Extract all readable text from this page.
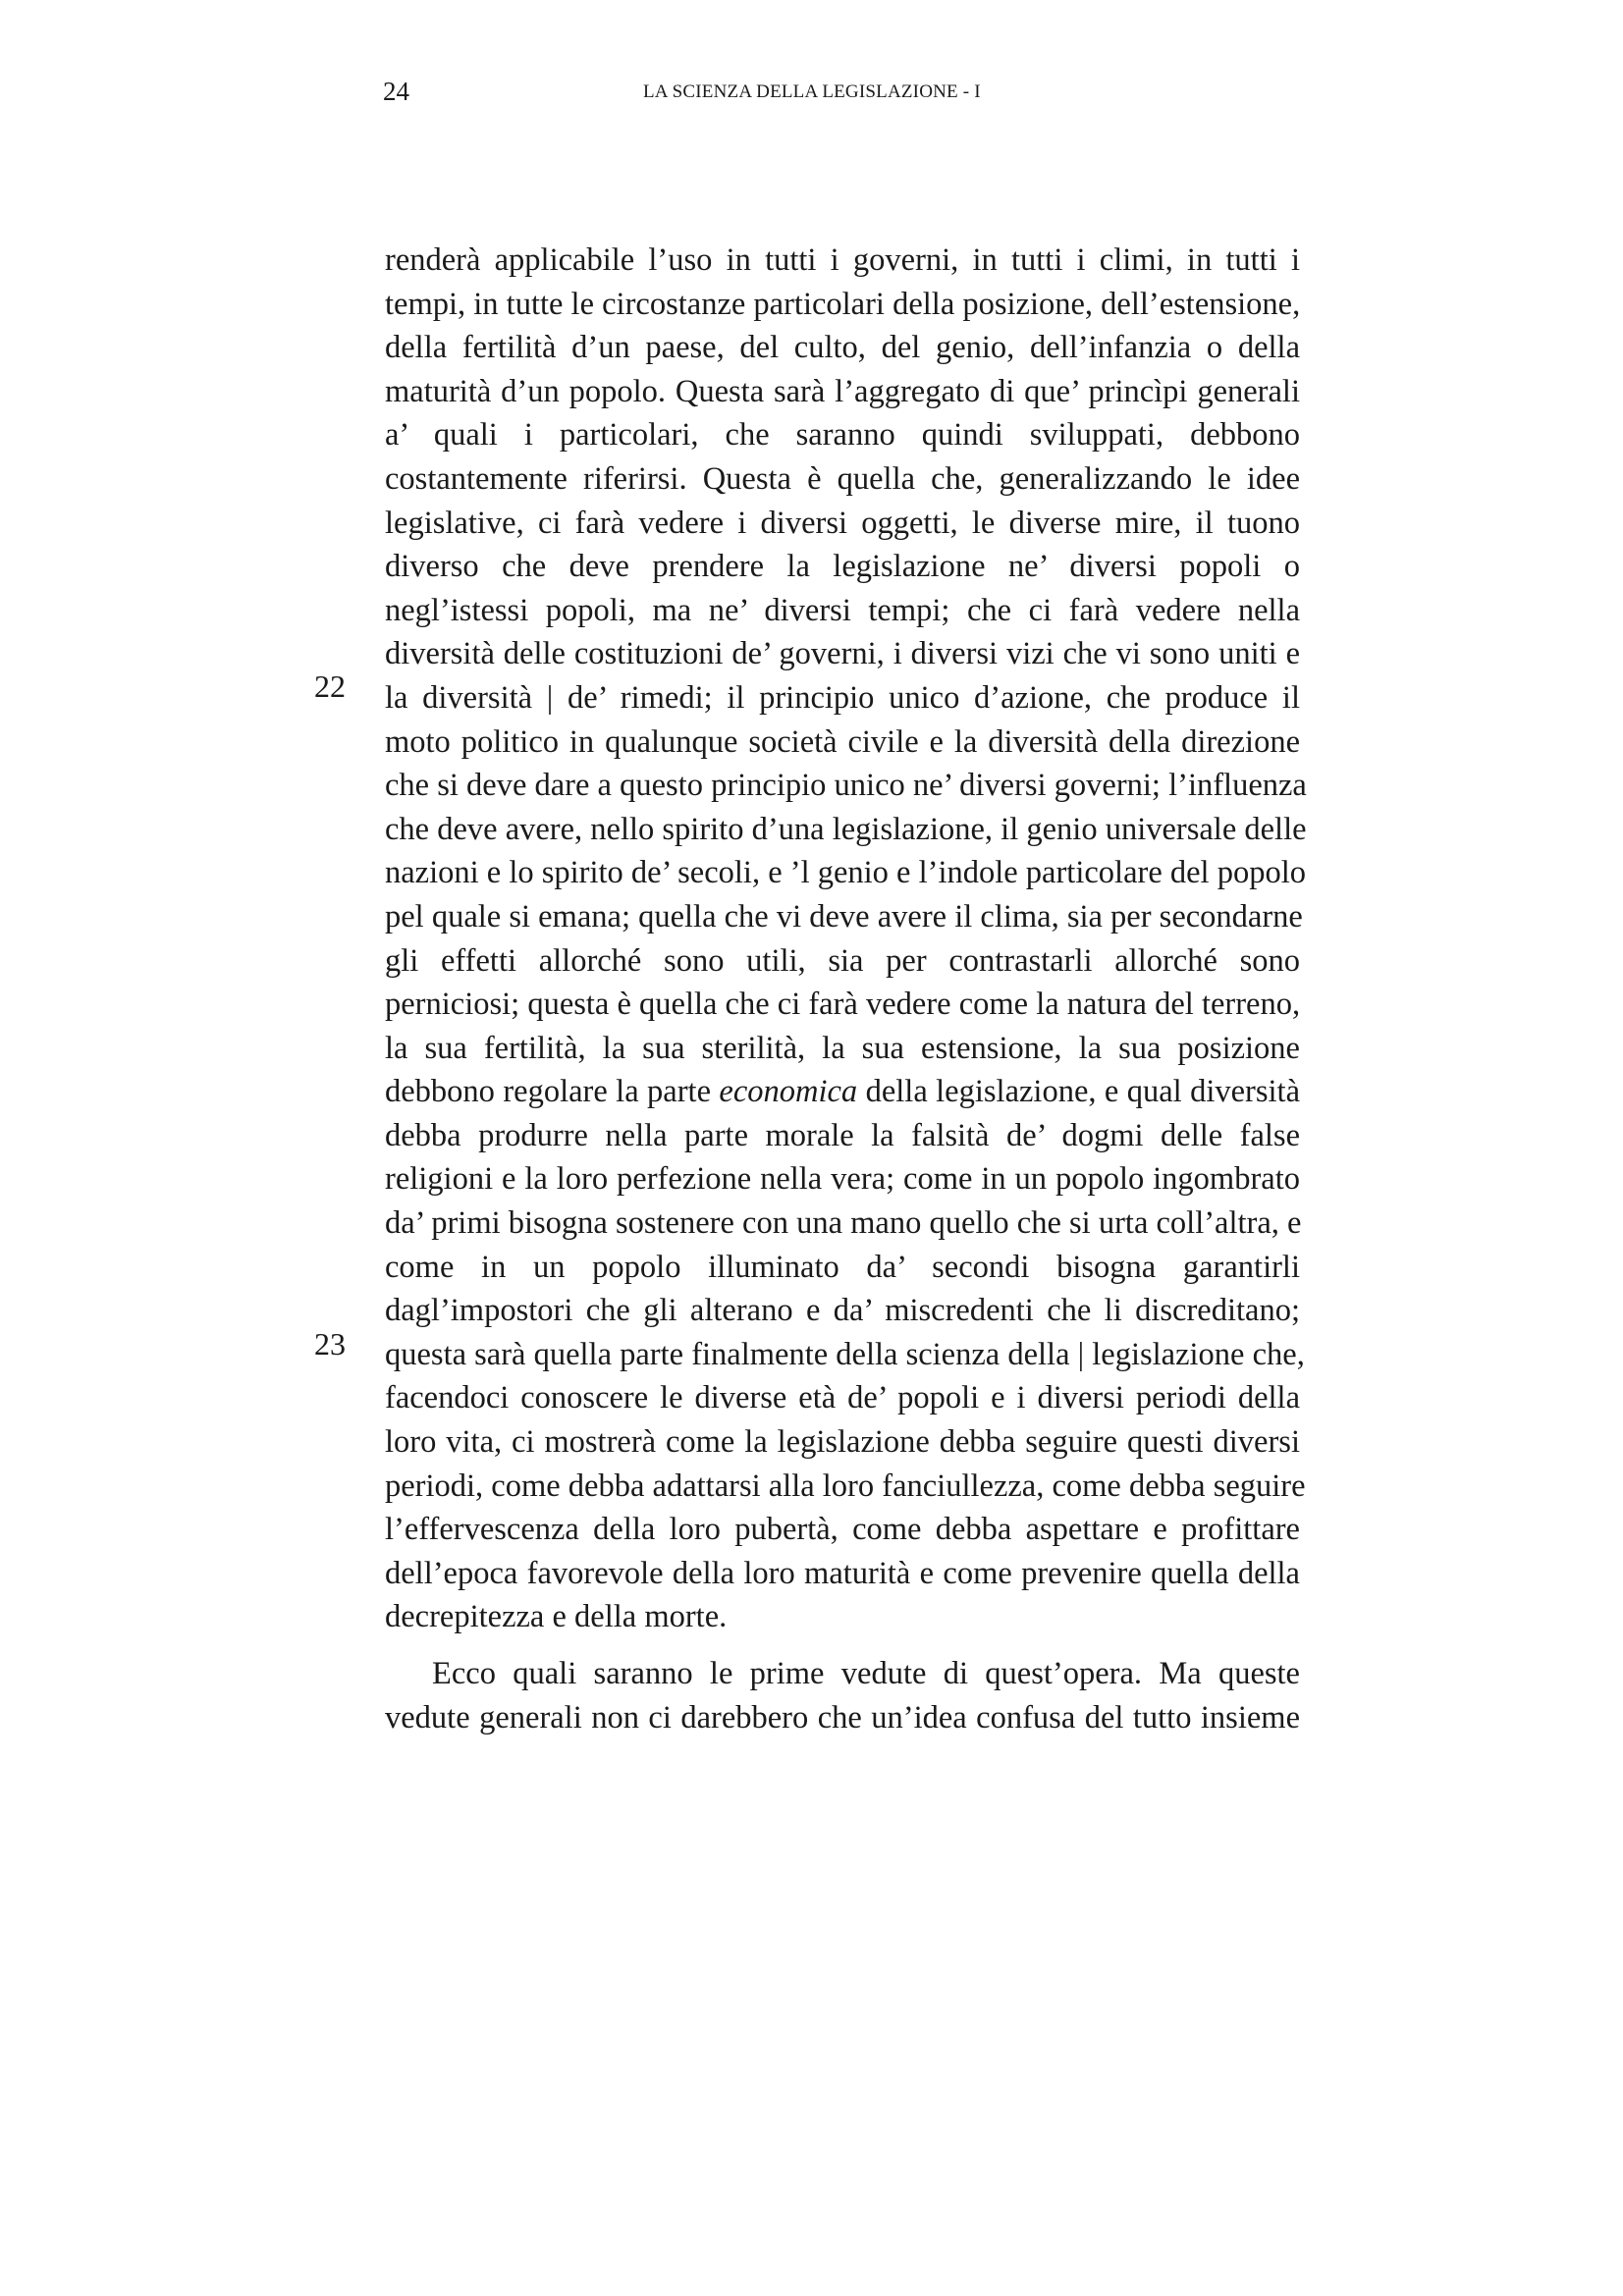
24	LA SCIENZA DELLA LEGISLAZIONE - I
22
23
renderà applicabile l’uso in tutti i governi, in tutti i climi, in tutti i
tempi, in tutte le circostanze particolari della posizione, dell’estensione,
della fertilità d’un paese, del culto, del genio, dell’infanzia o della
maturità d’un popolo. Questa sarà l’aggregato di que’ princìpi generali
a’ quali i particolari, che saranno quindi sviluppati, debbono
costantemente riferirsi. Questa è quella che, generalizzando le idee
legislative, ci farà vedere i diversi oggetti, le diverse mire, il tuono
diverso che deve prendere la legislazione ne’ diversi popoli o
negl’istessi popoli, ma ne’ diversi tempi; che ci farà vedere nella
diversità delle costituzioni de’ governi, i diversi vizi che vi sono uniti e
la diversità | de’ rimedi; il principio unico d’azione, che produce il
moto politico in qualunque società civile e la diversità della direzione
che si deve dare a questo principio unico ne’ diversi governi; l’influenza
che deve avere, nello spirito d’una legislazione, il genio universale delle
nazioni e lo spirito de’ secoli, e ’l genio e l’indole particolare del popolo
pel quale si emana; quella che vi deve avere il clima, sia per secondarne
gli effetti allorché sono utili, sia per contrastarli allorché sono
perniciosi; questa è quella che ci farà vedere come la natura del terreno,
la sua fertilità, la sua sterilità, la sua estensione, la sua posizione
debbono regolare la parte economica della legislazione, e qual diversità
debba produrre nella parte morale la falsità de’ dogmi delle false
religioni e la loro perfezione nella vera; come in un popolo ingombrato
da’ primi bisogna sostenere con una mano quello che si urta coll’altra, e
come in un popolo illuminato da’ secondi bisogna garantirli
dagl’impostori che gli alterano e da’ miscredenti che li discreditano;
questa sarà quella parte finalmente della scienza della | legislazione che,
facendoci conoscere le diverse età de’ popoli e i diversi periodi della
loro vita, ci mostrerà come la legislazione debba seguire questi diversi
periodi, come debba adattarsi alla loro fanciullezza, come debba seguire
l’effervescenza della loro pubertà, come debba aspettare e profittare
dell’epoca favorevole della loro maturità e come prevenire quella della
decrepitezza e della morte.
Ecco quali saranno le prime vedute di quest’opera. Ma queste
vedute generali non ci darebbero che un’idea confusa del tutto insieme
